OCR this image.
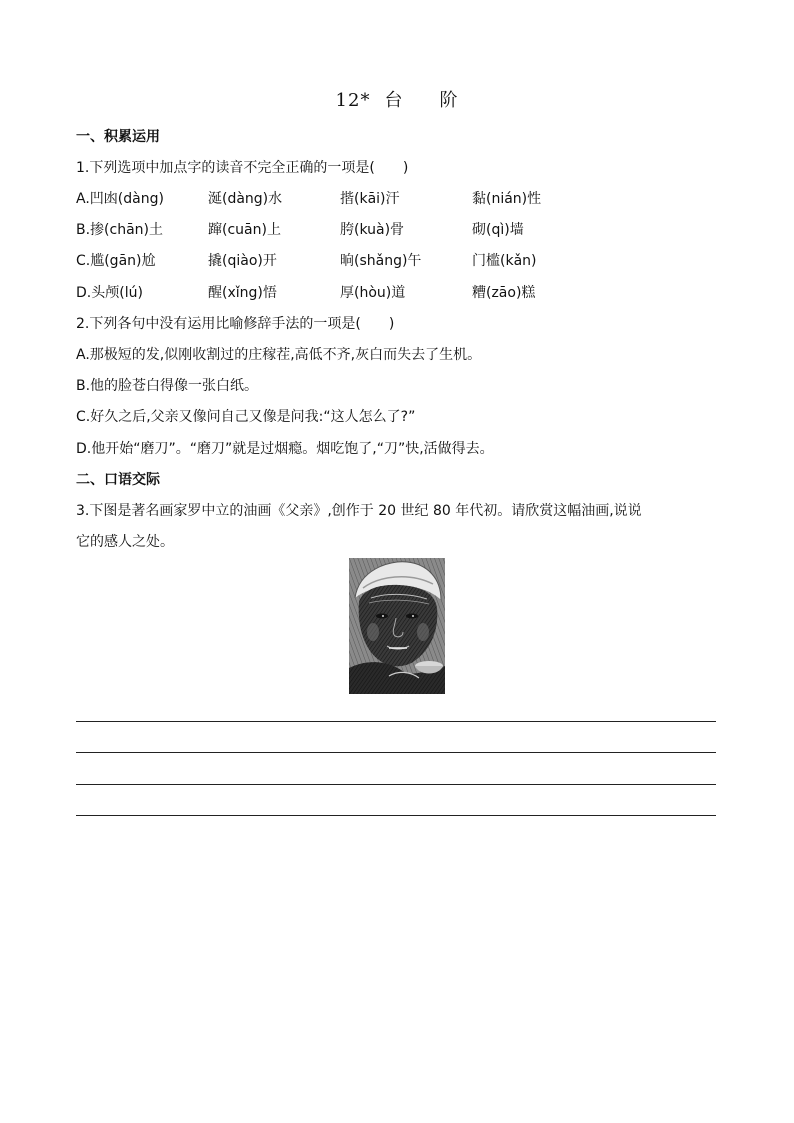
12* 台 阶
一、积累运用
1.下列选项中加点字的读音不完全正确的一项是(　　)
A.凹凼(dàng)	涎(dàng)水	揩(kāi)汗	黏(nián)性
B.掺(chān)土	蹿(cuān)上	胯(kuà)骨	砌(qì)墙
C.尴(gān)尬	撬(qiào)开	晌(shǎng)午	门槛(kǎn)
D.头颅(lú)	醒(xǐng)悟	厚(hòu)道	糟(zāo)糕
2.下列各句中没有运用比喻修辞手法的一项是(　　)
A.那极短的发,似刚收割过的庄稼茬,高低不齐,灰白而失去了生机。
B.他的脸苍白得像一张白纸。
C.好久之后,父亲又像问自己又像是问我:“这人怎么了?”
D.他开始“磨刀”。“磨刀”就是过烟瘾。烟吃饱了,“刀”快,活做得去。
二、口语交际
3.下图是著名画家罗中立的油画《父亲》,创作于 20 世纪 80 年代初。请欣赏这幅油画,说说
它的感人之处。
